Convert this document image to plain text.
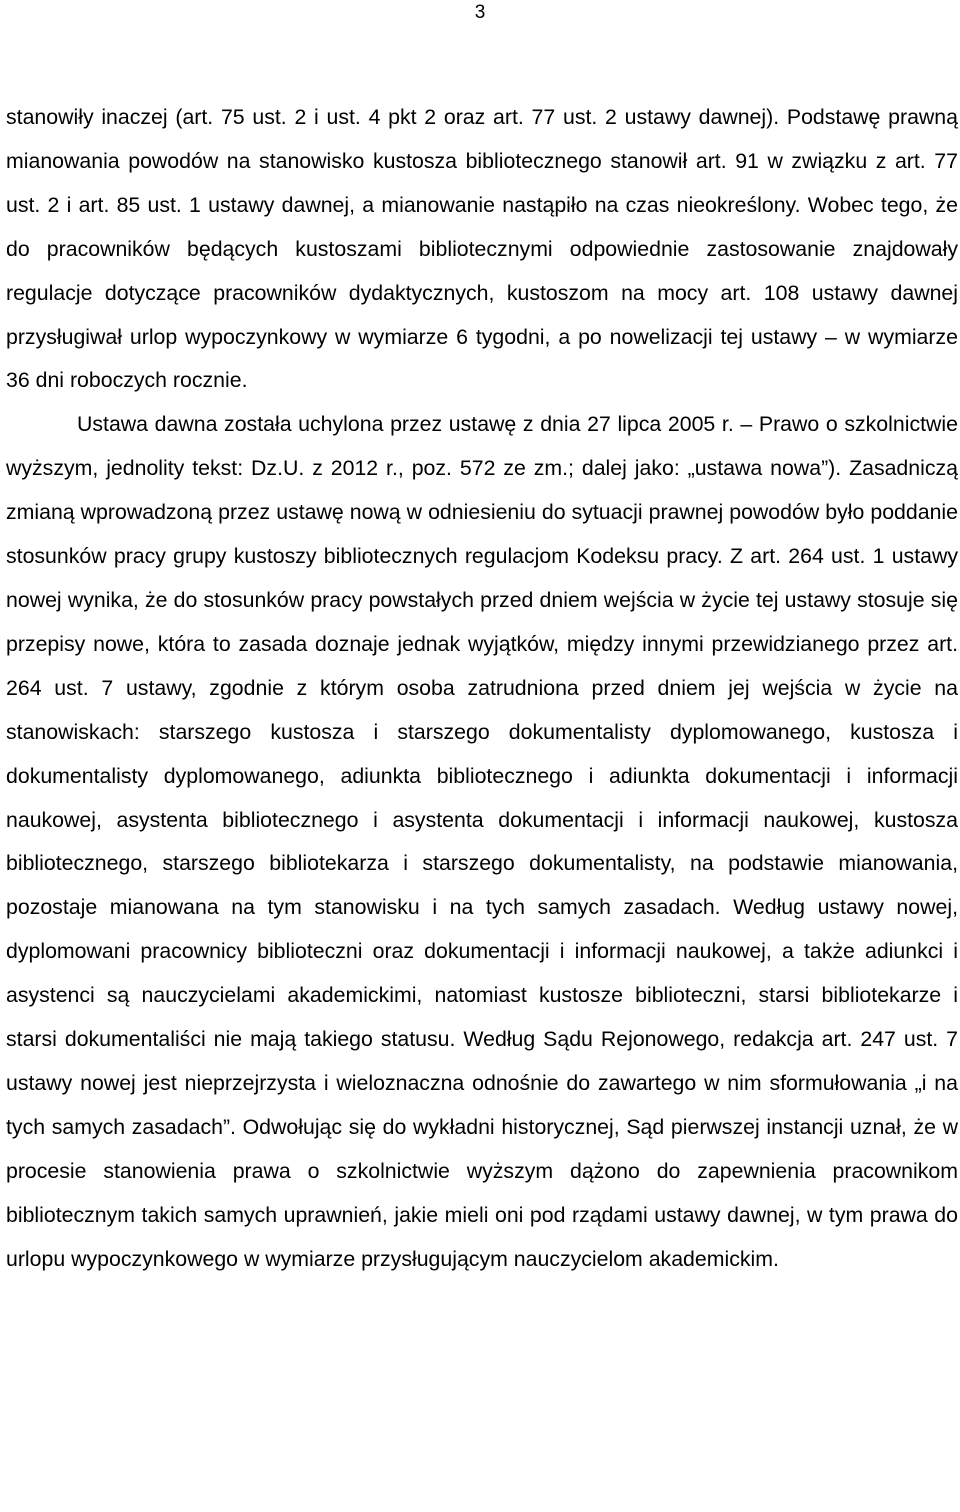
3

stanowiły inaczej (art. 75 ust. 2 i ust. 4 pkt 2 oraz art. 77 ust. 2 ustawy dawnej). Podstawę prawną mianowania powodów na stanowisko kustosza bibliotecznego stanowił art. 91 w związku z art. 77 ust. 2 i art. 85 ust. 1 ustawy dawnej, a mianowanie nastąpiło na czas nieokreślony. Wobec tego, że do pracowników będących kustoszami bibliotecznymi odpowiednie zastosowanie znajdowały regulacje dotyczące pracowników dydaktycznych, kustoszom na mocy art. 108 ustawy dawnej przysługiwał urlop wypoczynkowy w wymiarze 6 tygodni, a po nowelizacji tej ustawy – w wymiarze 36 dni roboczych rocznie.

Ustawa dawna została uchylona przez ustawę z dnia 27 lipca 2005 r. – Prawo o szkolnictwie wyższym, jednolity tekst: Dz.U. z 2012 r., poz. 572 ze zm.; dalej jako: „ustawa nowa”). Zasadniczą zmianą wprowadzoną przez ustawę nową w odniesieniu do sytuacji prawnej powodów było poddanie stosunków pracy grupy kustoszy bibliotecznych regulacjom Kodeksu pracy. Z art. 264 ust. 1 ustawy nowej wynika, że do stosunków pracy powstałych przed dniem wejścia w życie tej ustawy stosuje się przepisy nowe, która to zasada doznaje jednak wyjątków, między innymi przewidzianego przez art. 264 ust. 7 ustawy, zgodnie z którym osoba zatrudniona przed dniem jej wejścia w życie na stanowiskach: starszego kustosza i starszego dokumentalisty dyplomowanego, kustosza i dokumentalisty dyplomowanego, adiunkta bibliotecznego i adiunkta dokumentacji i informacji naukowej, asystenta bibliotecznego i asystenta dokumentacji i informacji naukowej, kustosza bibliotecznego, starszego bibliotekarza i starszego dokumentalisty, na podstawie mianowania, pozostaje mianowana na tym stanowisku i na tych samych zasadach. Według ustawy nowej, dyplomowani pracownicy biblioteczni oraz dokumentacji i informacji naukowej, a także adiunkci i asystenci są nauczycielami akademickimi, natomiast kustosze biblioteczni, starsi bibliotekarze i starsi dokumentaliści nie mają takiego statusu. Według Sądu Rejonowego, redakcja art. 247 ust. 7 ustawy nowej jest nieprzejrzysta i wieloznaczna odnośnie do zawartego w nim sformułowania „i na tych samych zasadach”. Odwołując się do wykładni historycznej, Sąd pierwszej instancji uznał, że w procesie stanowienia prawa o szkolnictwie wyższym dążono do zapewnienia pracownikom bibliotecznym takich samych uprawnień, jakie mieli oni pod rządami ustawy dawnej, w tym prawa do urlopu wypoczynkowego w wymiarze przysługującym nauczycielom akademickim.
